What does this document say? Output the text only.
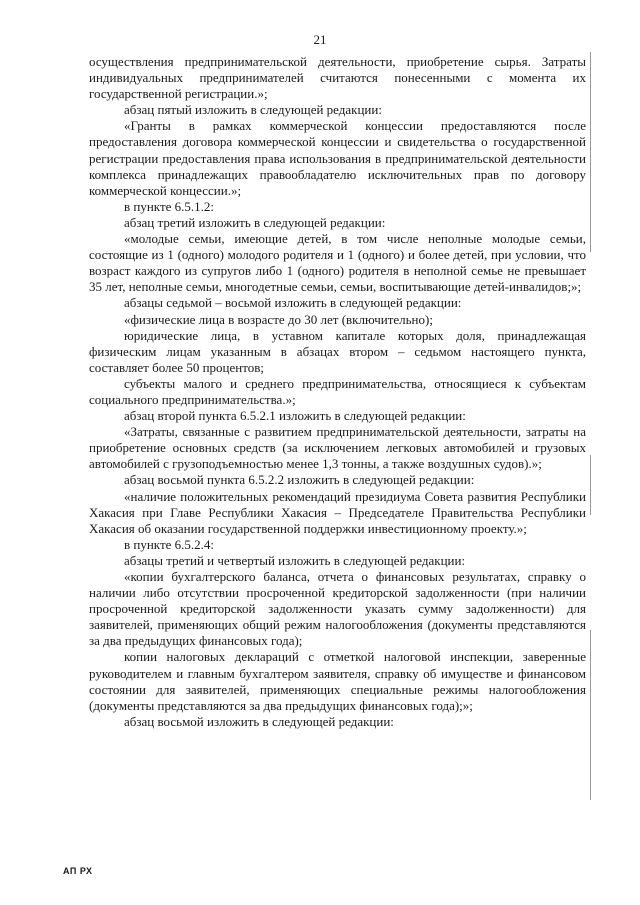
21

осуществления предпринимательской деятельности, приобретение сырья. Затраты индивидуальных предпринимателей считаются понесенными с момента их государственной регистрации.»;

абзац пятый изложить в следующей редакции:

«Гранты в рамках коммерческой концессии предоставляются после предоставления договора коммерческой концессии и свидетельства о государственной регистрации предоставления права использования в предпринимательской деятельности комплекса принадлежащих правообладателю исключительных прав по договору коммерческой концессии.»;

в пункте 6.5.1.2:

абзац третий изложить в следующей редакции:

«молодые семьи, имеющие детей, в том числе неполные молодые семьи, состоящие из 1 (одного) молодого родителя и 1 (одного) и более детей, при условии, что возраст каждого из супругов либо 1 (одного) родителя в неполной семье не превышает 35 лет, неполные семьи, многодетные семьи, семьи, воспитывающие детей-инвалидов;»;

абзацы седьмой – восьмой изложить в следующей редакции:

«физические лица в возрасте до 30 лет (включительно);

юридические лица, в уставном капитале которых доля, принадлежащая физическим лицам указанным в абзацах втором – седьмом настоящего пункта, составляет более 50 процентов;

субъекты малого и среднего предпринимательства, относящиеся к субъектам социального предпринимательства.»;

абзац второй пункта 6.5.2.1 изложить в следующей редакции:

«Затраты, связанные с развитием предпринимательской деятельности, затраты на приобретение основных средств (за исключением легковых автомобилей и грузовых автомобилей с грузоподъемностью менее 1,3 тонны, а также воздушных судов).»;

абзац восьмой пункта 6.5.2.2 изложить в следующей редакции:

«наличие положительных рекомендаций президиума Совета развития Республики Хакасия при Главе Республики Хакасия – Председателе Правительства Республики Хакасия об оказании государственной поддержки инвестиционному проекту.»;

в пункте 6.5.2.4:

абзацы третий и четвертый изложить в следующей редакции:

«копии бухгалтерского баланса, отчета о финансовых результатах, справку о наличии либо отсутствии просроченной кредиторской задолженности (при наличии просроченной кредиторской задолженности указать сумму задолженности) для заявителей, применяющих общий режим налогообложения (документы представляются за два предыдущих финансовых года);

копии налоговых деклараций с отметкой налоговой инспекции, заверенные руководителем и главным бухгалтером заявителя, справку об имуществе и финансовом состоянии для заявителей, применяющих специальные режимы налогообложения (документы представляются за два предыдущих финансовых года);»;

абзац восьмой изложить в следующей редакции:

АП РХ
